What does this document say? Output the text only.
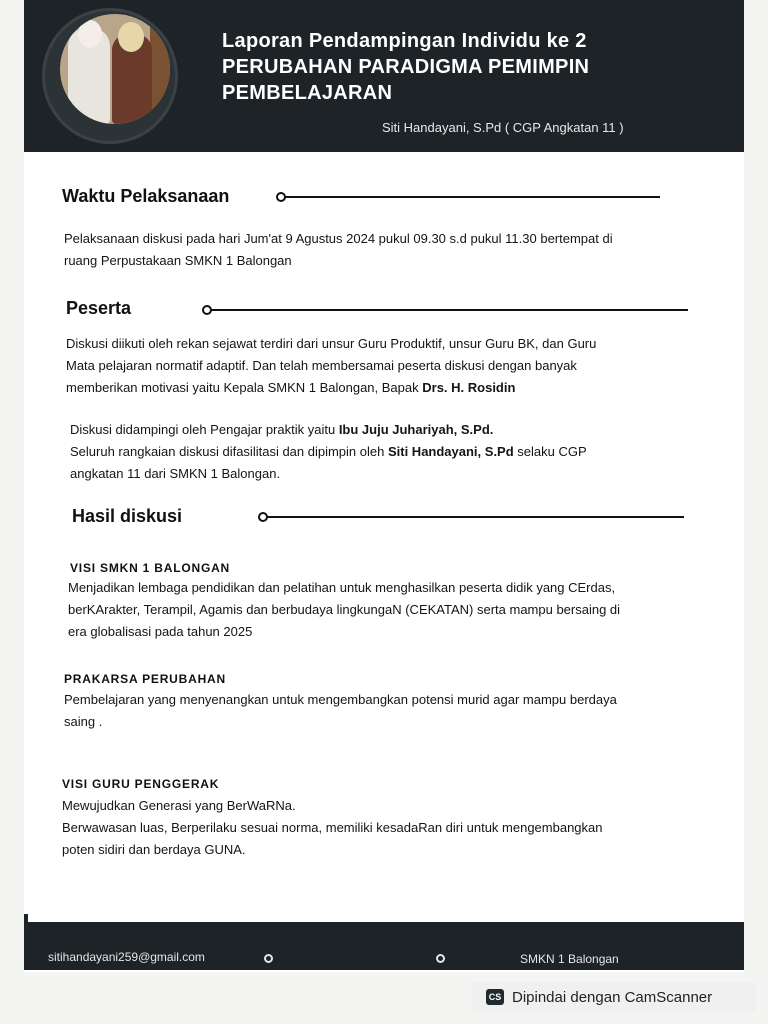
Laporan Pendampingan Individu ke 2
PERUBAHAN PARADIGMA PEMIMPIN
PEMBELAJARAN
Siti Handayani, S.Pd ( CGP Angkatan 11 )
Waktu Pelaksanaan

Pelaksanaan diskusi pada hari Jum'at 9 Agustus 2024 pukul 09.30 s.d pukul 11.30 bertempat di

ruang Perpustakaan SMKN 1 Balongan

Peserta

Diskusi diikuti oleh rekan sejawat terdiri dari unsur Guru Produktif, unsur Guru BK, dan Guru

Mata pelajaran normatif adaptif. Dan telah membersamai peserta diskusi dengan banyak

memberikan motivasi yaitu Kepala SMKN 1 Balongan, Bapak Drs. H. Rosidin

Diskusi didampingi oleh Pengajar praktik yaitu Ibu Juju Juhariyah, S.Pd.

Seluruh rangkaian diskusi difasilitasi dan dipimpin oleh Siti Handayani, S.Pd selaku CGP

angkatan 11 dari SMKN 1 Balongan.

Hasil diskusi
VISI SMKN 1 BALONGAN

Menjadikan lembaga pendidikan dan pelatihan untuk menghasilkan peserta didik yang CErdas,

berKArakter, Terampil, Agamis dan berbudaya lingkungaN (CEKATAN) serta mampu bersaing di

era globalisasi pada tahun 2025

PRAKARSA PERUBAHAN

Pembelajaran yang menyenangkan untuk mengembangkan potensi murid agar mampu berdaya

saing .

VISI GURU PENGGERAK

Mewujudkan Generasi yang BerWaRNa.

Berwawasan luas, Berperilaku sesuai norma, memiliki kesadaRan diri untuk mengembangkan

poten sidiri dan berdaya GUNA.

sitihandayani259@gmail.com	SMKN 1 Balongan
CS Dipindai dengan CamScanner
